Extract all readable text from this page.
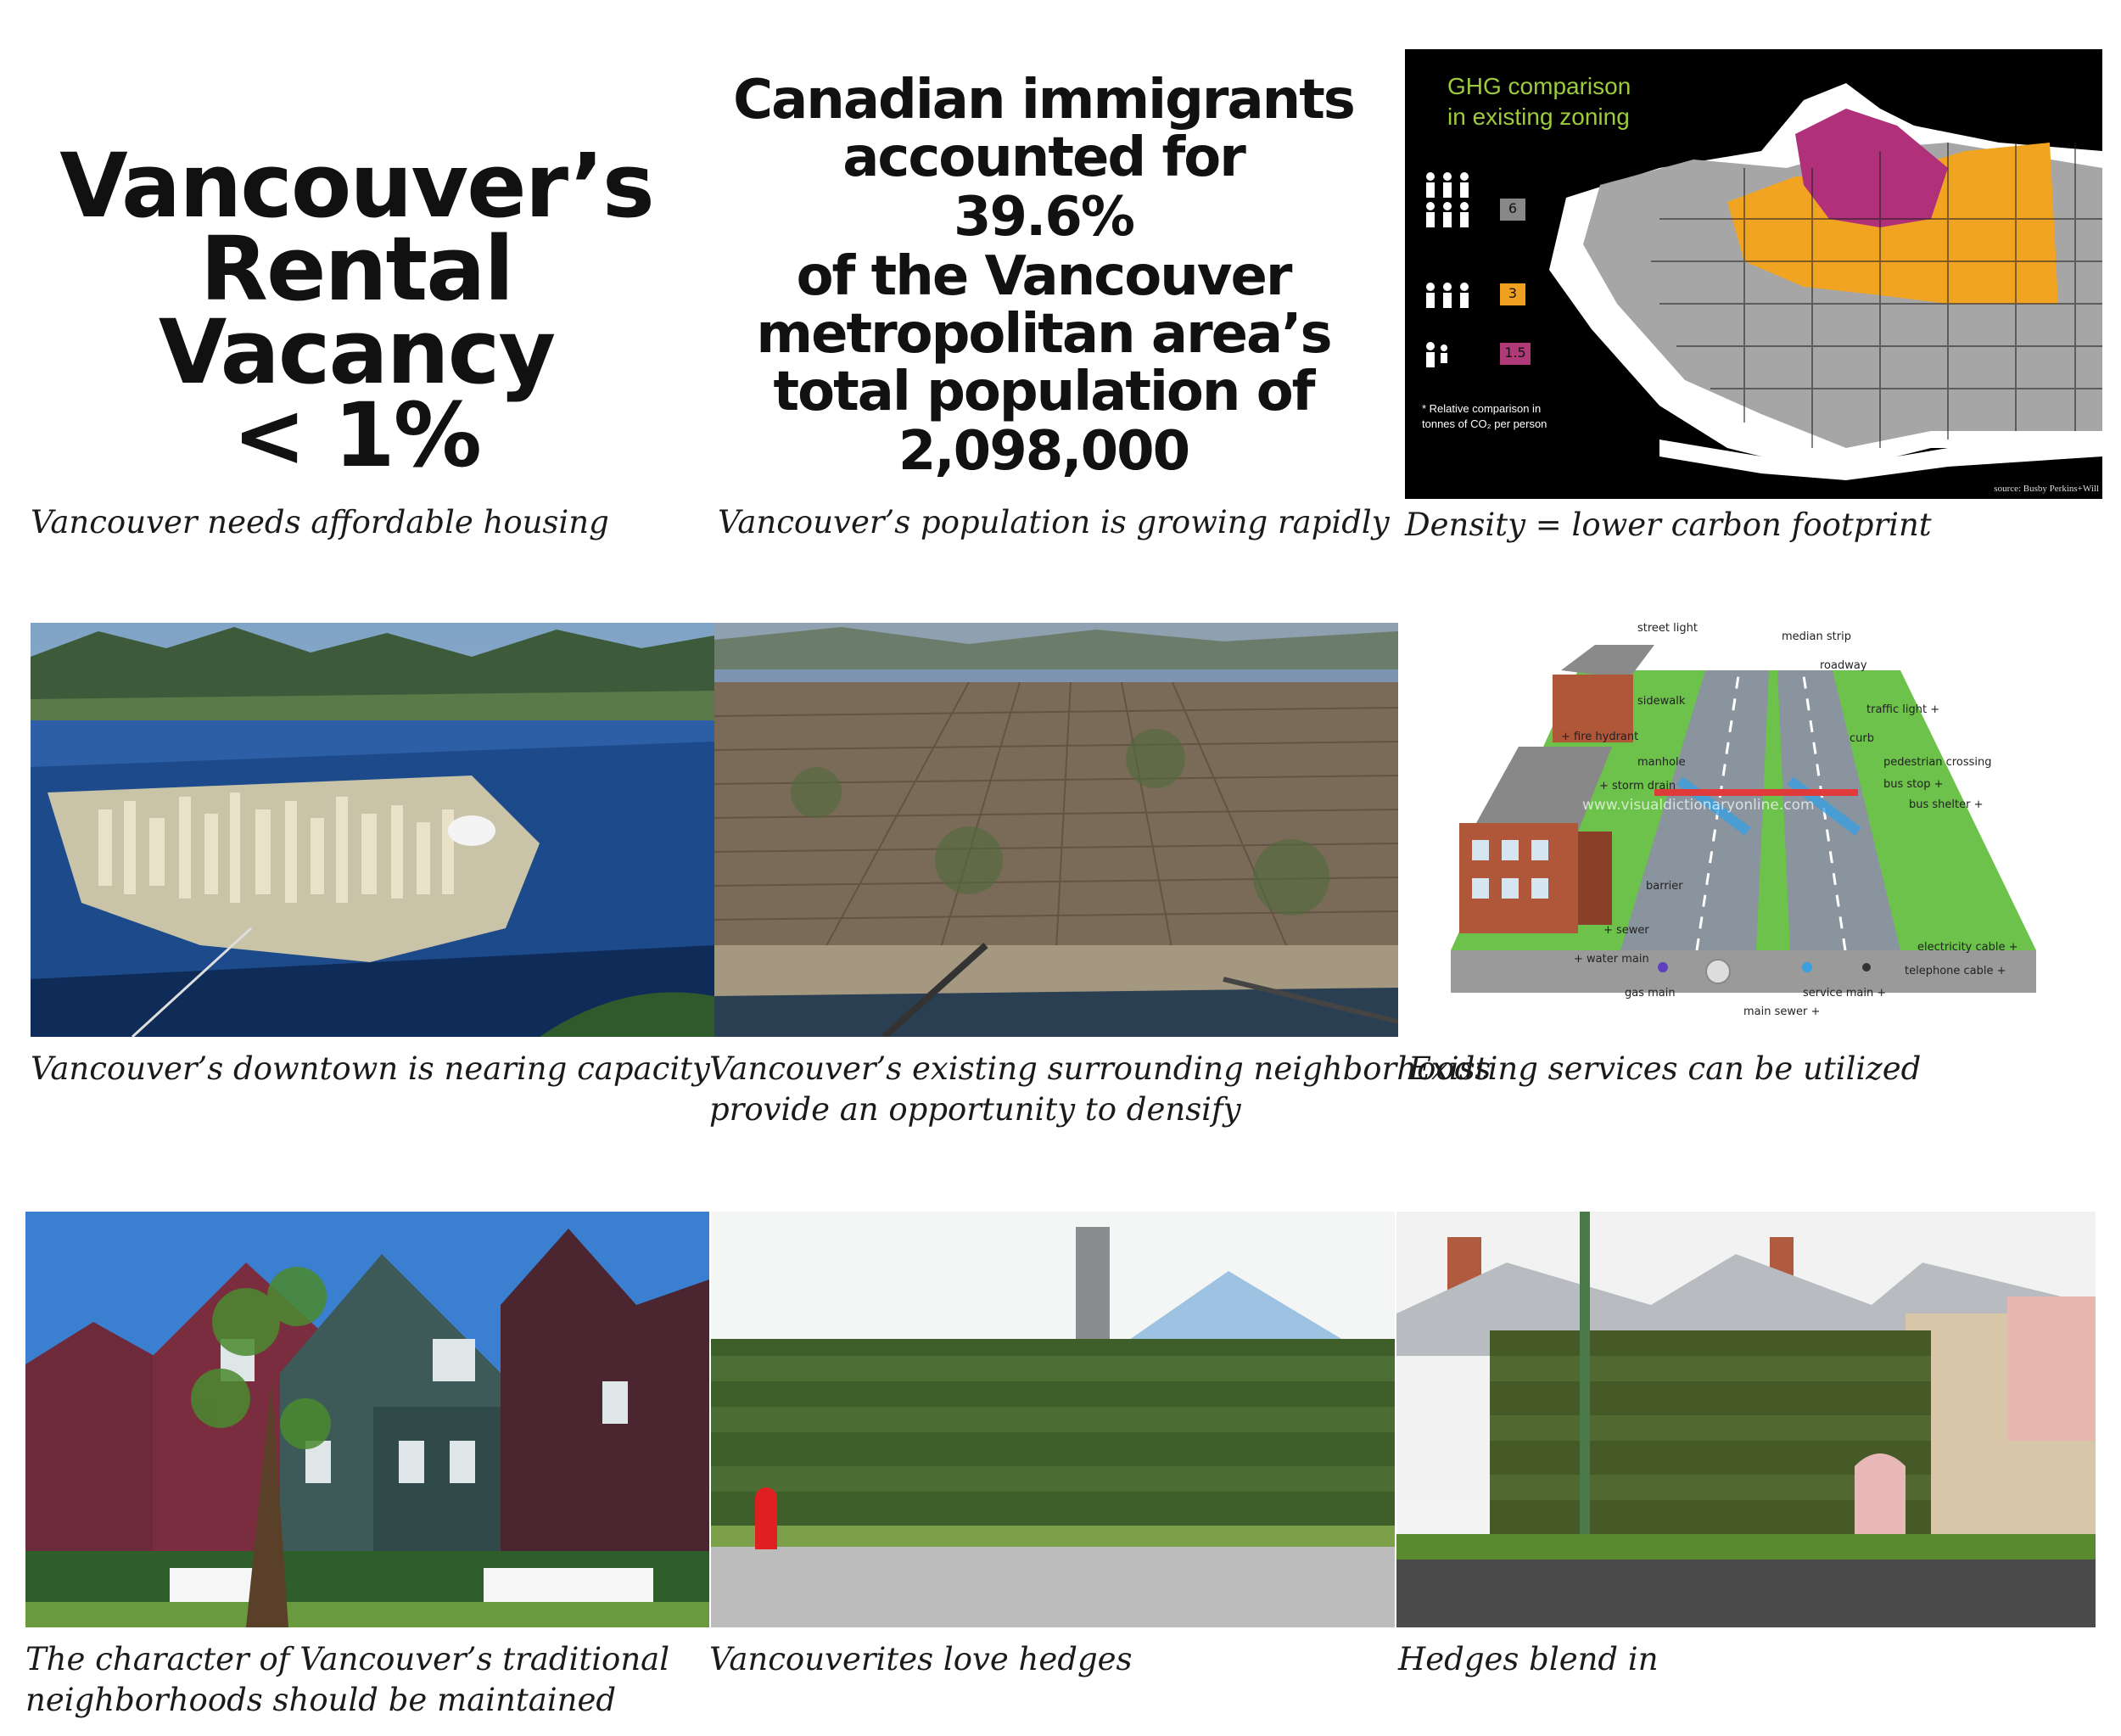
Vancouver’s
Rental Vacancy
< 1%
Vancouver needs affordable housing
Canadian immigrants
accounted for
39.6%
of the Vancouver
metropolitan area’s
total population of
2,098,000
Vancouver’s population is growing rapidly
GHG comparison
in existing zoning
6
3
1.5
* Relative comparison in
tonnes of CO₂ per person
source: Busby Perkins+Will
Density = lower carbon footprint
Vancouver’s downtown is nearing capacity Vancouver’s existing surrounding neighborhoods
provide an opportunity to densify
street light
median strip
roadway
sidewalk
traffic light +
+ fire hydrant	curb
manhole	pedestrian crossing
+ storm drain	bus stop +
bus shelter +
www.visualdictionaryonline.com
barrier
+ sewer
electricity cable +
+ water main
telephone cable +
gas main	service main +
main sewer +
Existing services can be utilized
The character of Vancouver’s traditional
neighborhoods should be maintained
Vancouverites love hedges	Hedges blend in
